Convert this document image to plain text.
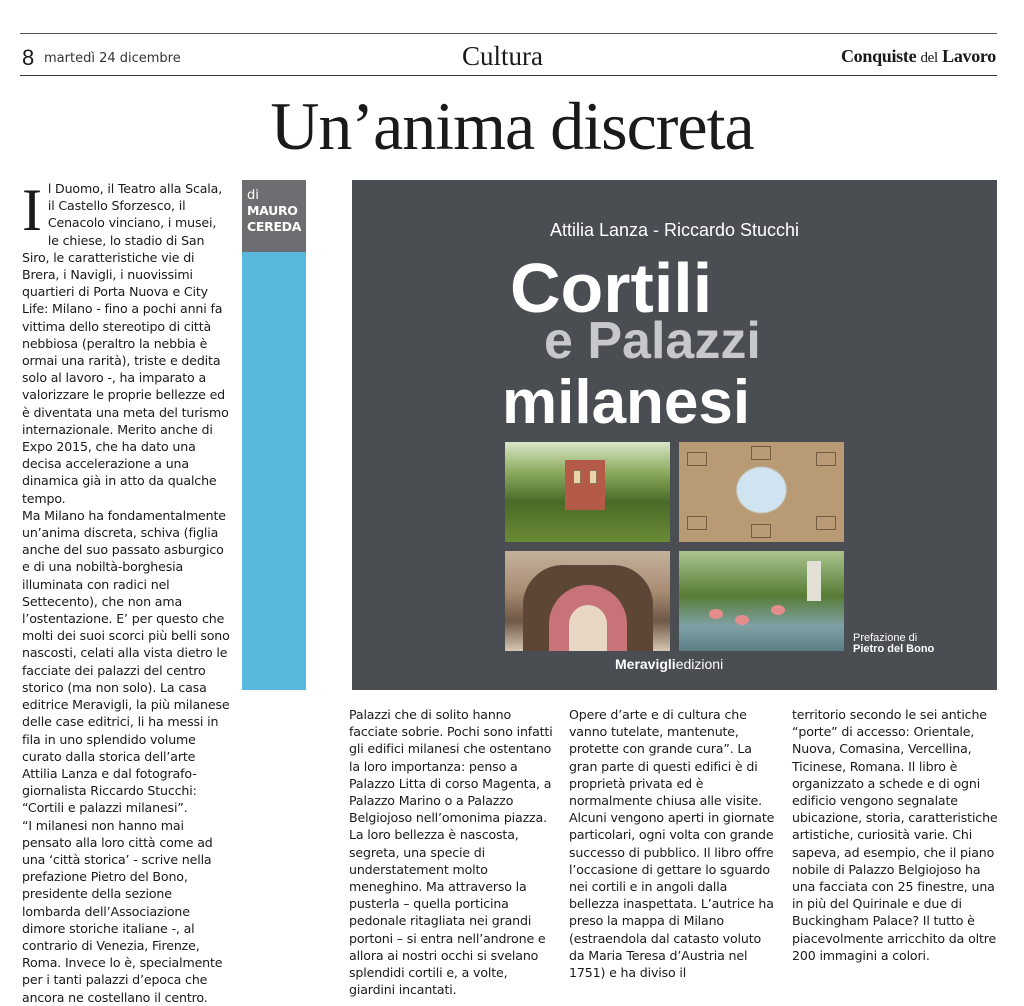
8 martedì 24 dicembre	Cultura	Conquiste del Lavoro
Un’anima discreta
I l Duomo, il Teatro alla Scala, il Castello Sforzesco, il Cenacolo vinciano, i musei, le chiese, lo stadio di San Siro, le caratteristiche vie di Brera, i Navigli, i nuovissimi quartieri di Porta Nuova e City Life: Milano - fino a pochi anni fa vittima dello stereotipo di città nebbiosa (peraltro la nebbia è ormai una rarità), triste e dedita solo al lavoro -, ha imparato a valorizzare le proprie bellezze ed è diventata una meta del turismo internazionale. Merito anche di Expo 2015, che ha dato una decisa accelerazione a una dinamica già in atto da qualche tempo.

Ma Milano ha fondamentalmente un’anima discreta, schiva (figlia anche del suo passato asburgico e di una nobiltà-borghesia illuminata con radici nel Settecento), che non ama l’ostentazione. E’ per questo che molti dei suoi scorci più belli sono nascosti, celati alla vista dietro le facciate dei palazzi del centro storico (ma non solo). La casa editrice Meravigli, la più milanese delle case editrici, li ha messi in fila in uno splendido volume curato dalla storica dell’arte Attilia Lanza e dal fotografo-giornalista Riccardo Stucchi: “Cortili e palazzi milanesi”.

“I milanesi non hanno mai pensato alla loro città come ad una ‘città storica’ - scrive nella prefazione Pietro del Bono, presidente della sezione lombarda dell’Associazione dimore storiche italiane -, al contrario di Venezia, Firenze, Roma. Invece lo è, specialmente per i tanti palazzi d’epoca che ancora ne costellano il centro.

di
MAURO
CEREDA	Attilia Lanza - Riccardo Stucchi
Cortili
e Palazzi
milanesi
Prefazione di
Pietro del Bono
Meravigliedizioni

Palazzi che di solito hanno facciate sobrie. Pochi sono infatti gli edifici milanesi che ostentano la loro importanza: penso a Palazzo Litta di corso Magenta, a Palazzo Marino o a Palazzo Belgiojoso nell’omonima piazza. La loro bellezza è nascosta, segreta, una specie di understatement molto meneghino. Ma attraverso la pusterla – quella porticina pedonale ritagliata nei grandi portoni – si entra nell’androne e allora ai nostri occhi si svelano splendidi cortili e, a volte, giardini incantati.

Opere d’arte e di cultura che vanno tutelate, mantenute, protette con grande cura”. La gran parte di questi edifici è di proprietà privata ed è normalmente chiusa alle visite. Alcuni vengono aperti in giornate particolari, ogni volta con grande successo di pubblico. Il libro offre l’occasione di gettare lo sguardo nei cortili e in angoli dalla bellezza inaspettata. L’autrice ha preso la mappa di Milano (estraendola dal catasto voluto da Maria Teresa d’Austria nel 1751) e ha diviso il

territorio secondo le sei antiche “porte” di accesso: Orientale, Nuova, Comasina, Vercellina, Ticinese, Romana. Il libro è organizzato a schede e di ogni edificio vengono segnalate ubicazione, storia, caratteristiche artistiche, curiosità varie. Chi sapeva, ad esempio, che il piano nobile di Palazzo Belgiojoso ha una facciata con 25 finestre, una in più del Quirinale e due di Buckingham Palace? Il tutto è piacevolmente arricchito da oltre 200 immagini a colori.
